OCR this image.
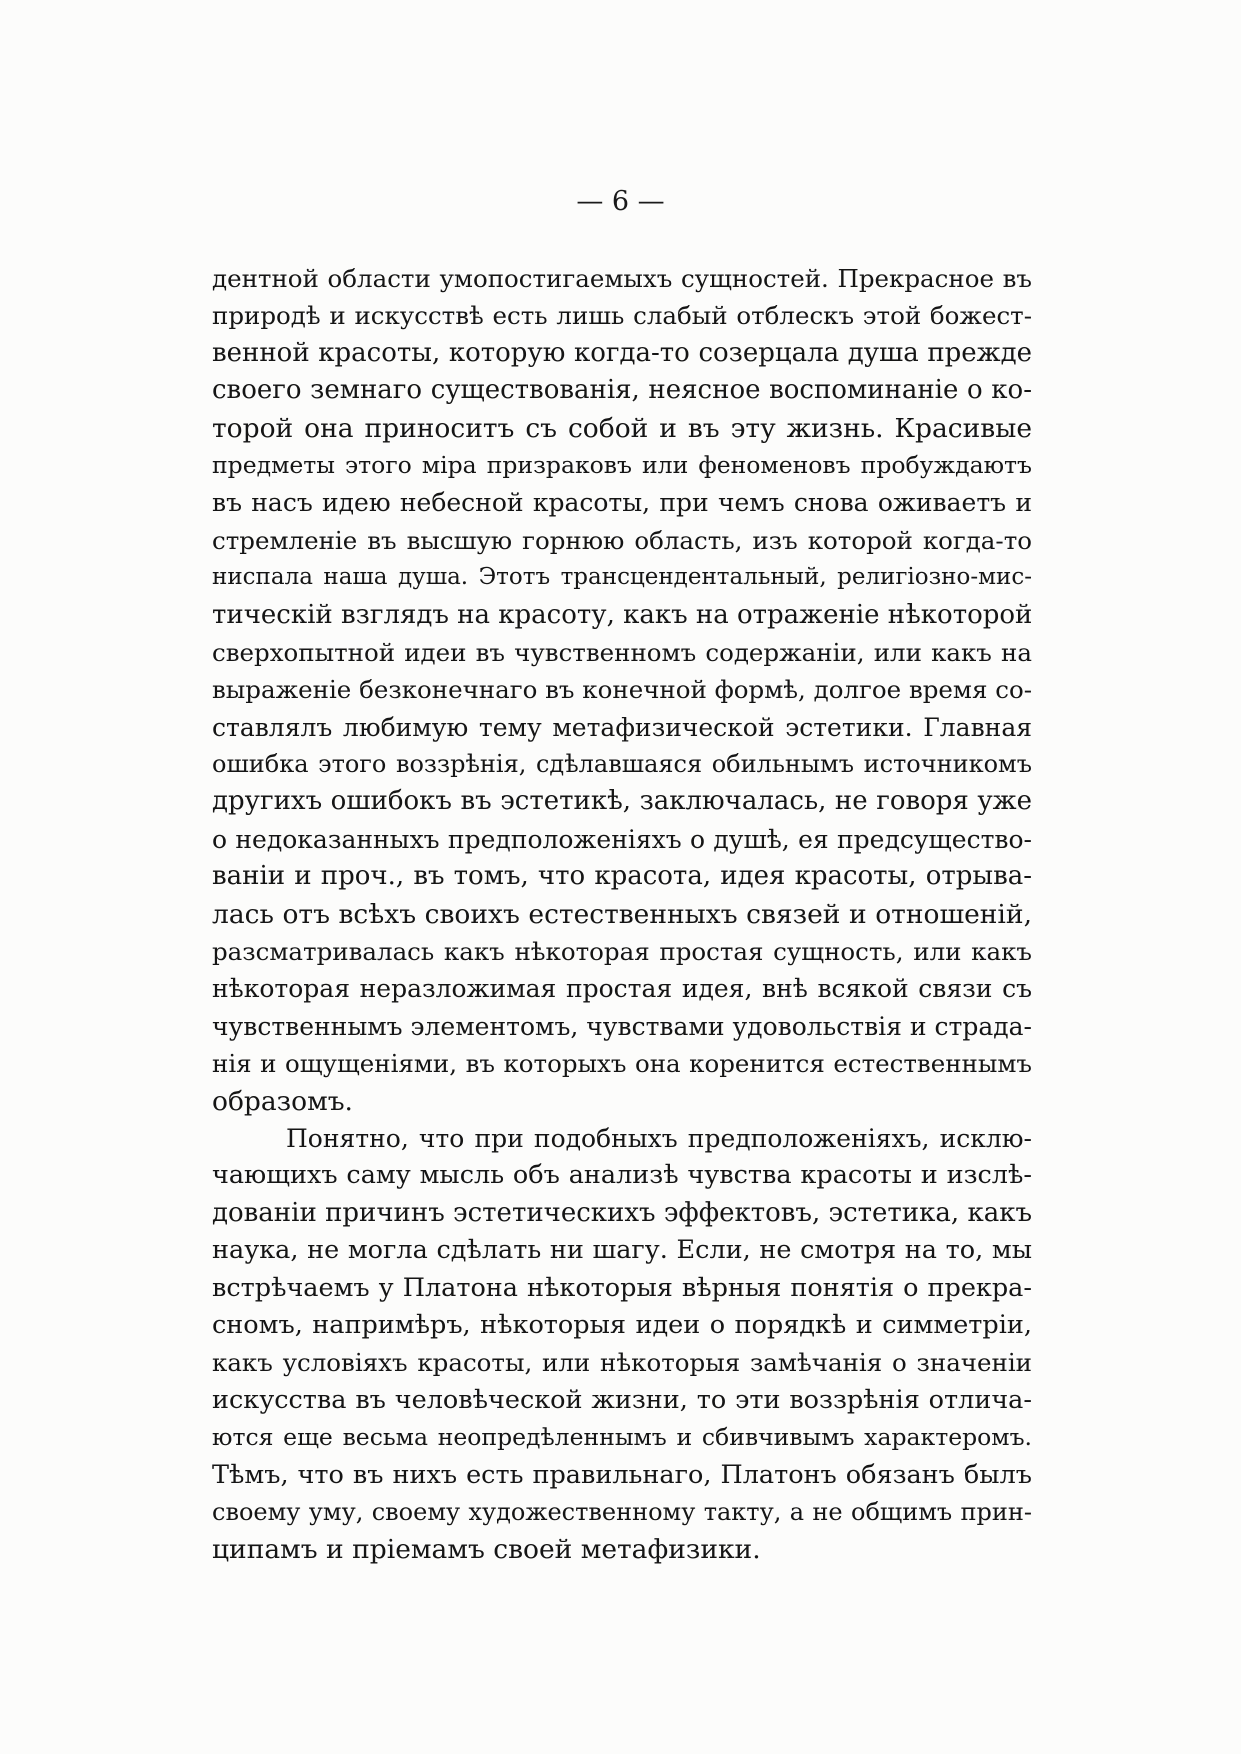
— 6 —
дентной области умопостигаемыхъ сущностей. Прекрасное въ
природѣ и искусствѣ есть лишь слабый отблескъ этой божест-
венной красоты, которую когда-то созерцала душа прежде
своего земнаго существованія, неясное воспоминаніе о ко-
торой она приноситъ съ собой и въ эту жизнь. Красивые
предметы этого міра призраковъ или феноменовъ пробуждаютъ
въ насъ идею небесной красоты, при чемъ снова оживаетъ и
стремленіе въ высшую горнюю область, изъ которой когда-то
ниспала наша душа. Этотъ трансцендентальный, религіозно-мис-
тическій взглядъ на красоту, какъ на отраженіе нѣкоторой
сверхопытной идеи въ чувственномъ содержаніи, или какъ на
выраженіе безконечнаго въ конечной формѣ, долгое время со-
ставлялъ любимую тему метафизической эстетики. Главная
ошибка этого воззрѣнія, сдѣлавшаяся обильнымъ источникомъ
другихъ ошибокъ въ эстетикѣ, заключалась, не говоря уже
о недоказанныхъ предположеніяхъ о душѣ, ея предсущество-
ваніи и проч., въ томъ, что красота, идея красоты, отрыва-
лась отъ всѣхъ своихъ естественныхъ связей и отношеній,
разсматривалась какъ нѣкоторая простая сущность, или какъ
нѣкоторая неразложимая простая идея, внѣ всякой связи съ
чувственнымъ элементомъ, чувствами удовольствія и страда-
нія и ощущеніями, въ которыхъ она коренится естественнымъ
образомъ.
Понятно, что при подобныхъ предположеніяхъ, исклю-
чающихъ саму мысль объ анализѣ чувства красоты и изслѣ-
дованіи причинъ эстетическихъ эффектовъ, эстетика, какъ
наука, не могла сдѣлать ни шагу. Если, не смотря на то, мы
встрѣчаемъ у Платона нѣкоторыя вѣрныя понятія о прекра-
сномъ, напримѣръ, нѣкоторыя идеи о порядкѣ и симметріи,
какъ условіяхъ красоты, или нѣкоторыя замѣчанія о значеніи
искусства въ человѣческой жизни, то эти воззрѣнія отлича-
ются еще весьма неопредѣленнымъ и сбивчивымъ характеромъ.
Тѣмъ, что въ нихъ есть правильнаго, Платонъ обязанъ былъ
своему уму, своему художественному такту, а не общимъ прин-
ципамъ и пріемамъ своей метафизики.
